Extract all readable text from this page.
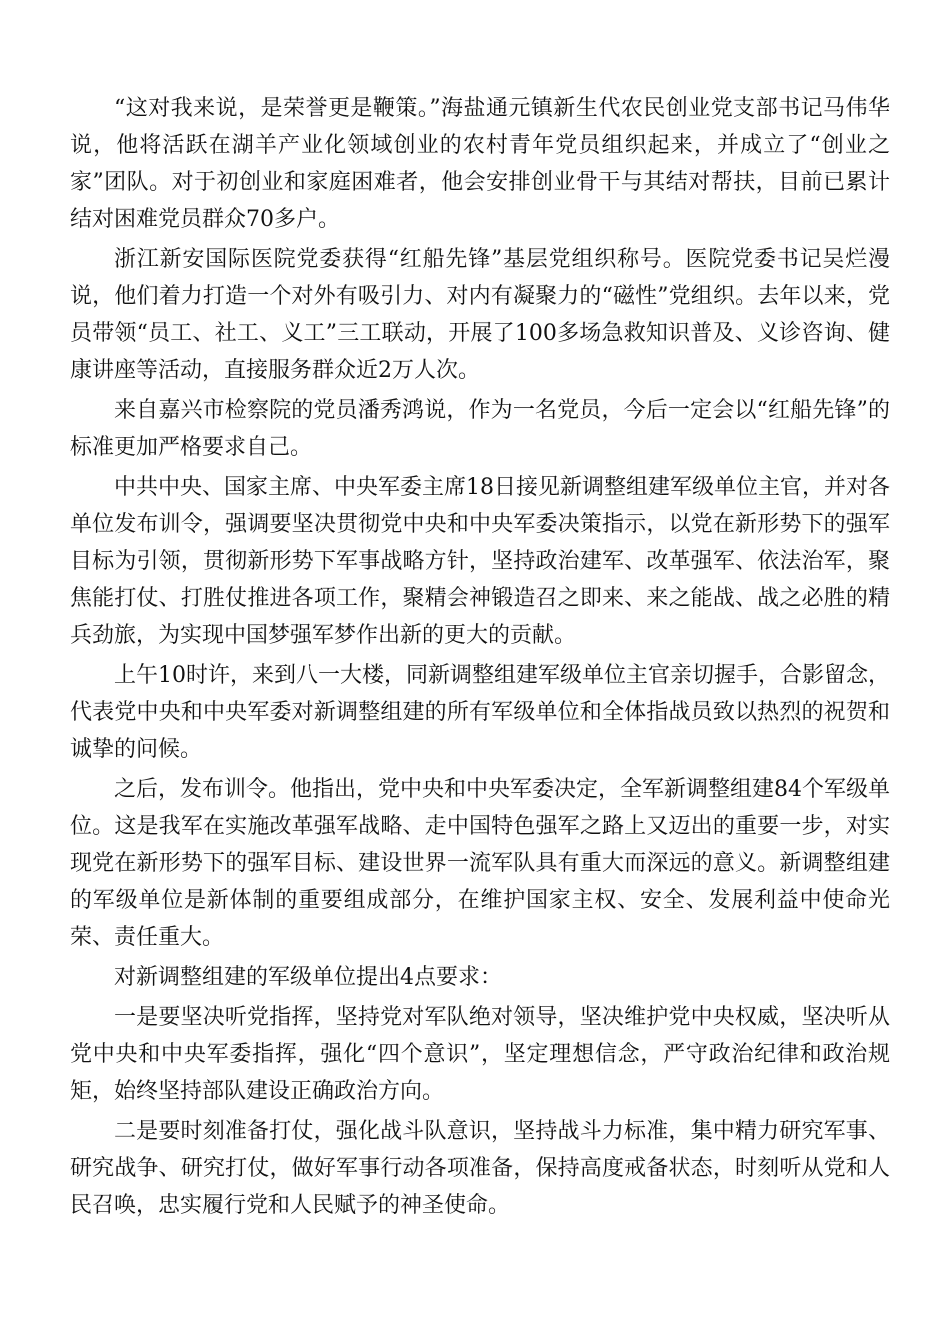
“这对我来说，是荣誉更是鞭策。”海盐通元镇新生代农民创业党支部书记马伟华说，他将活跃在湖羊产业化领域创业的农村青年党员组织起来，并成立了“创业之家”团队。对于初创业和家庭困难者，他会安排创业骨干与其结对帮扶，目前已累计结对困难党员群众70多户。

浙江新安国际医院党委获得“红船先锋”基层党组织称号。医院党委书记吴烂漫说，他们着力打造一个对外有吸引力、对内有凝聚力的“磁性”党组织。去年以来，党员带领“员工、社工、义工”三工联动，开展了100多场急救知识普及、义诊咨询、健康讲座等活动，直接服务群众近2万人次。

来自嘉兴市检察院的党员潘秀鸿说，作为一名党员，今后一定会以“红船先锋”的标准更加严格要求自己。

中共中央、国家主席、中央军委主席18日接见新调整组建军级单位主官，并对各单位发布训令，强调要坚决贯彻党中央和中央军委决策指示，以党在新形势下的强军目标为引领，贯彻新形势下军事战略方针，坚持政治建军、改革强军、依法治军，聚焦能打仗、打胜仗推进各项工作，聚精会神锻造召之即来、来之能战、战之必胜的精兵劲旅，为实现中国梦强军梦作出新的更大的贡献。

上午10时许，来到八一大楼，同新调整组建军级单位主官亲切握手，合影留念，代表党中央和中央军委对新调整组建的所有军级单位和全体指战员致以热烈的祝贺和诚挚的问候。

之后，发布训令。他指出，党中央和中央军委决定，全军新调整组建84个军级单位。这是我军在实施改革强军战略、走中国特色强军之路上又迈出的重要一步，对实现党在新形势下的强军目标、建设世界一流军队具有重大而深远的意义。新调整组建的军级单位是新体制的重要组成部分，在维护国家主权、安全、发展利益中使命光荣、责任重大。

对新调整组建的军级单位提出4点要求：

一是要坚决听党指挥，坚持党对军队绝对领导，坚决维护党中央权威，坚决听从党中央和中央军委指挥，强化“四个意识”，坚定理想信念，严守政治纪律和政治规矩，始终坚持部队建设正确政治方向。

二是要时刻准备打仗，强化战斗队意识，坚持战斗力标准，集中精力研究军事、研究战争、研究打仗，做好军事行动各项准备，保持高度戒备状态，时刻听从党和人民召唤，忠实履行党和人民赋予的神圣使命。
